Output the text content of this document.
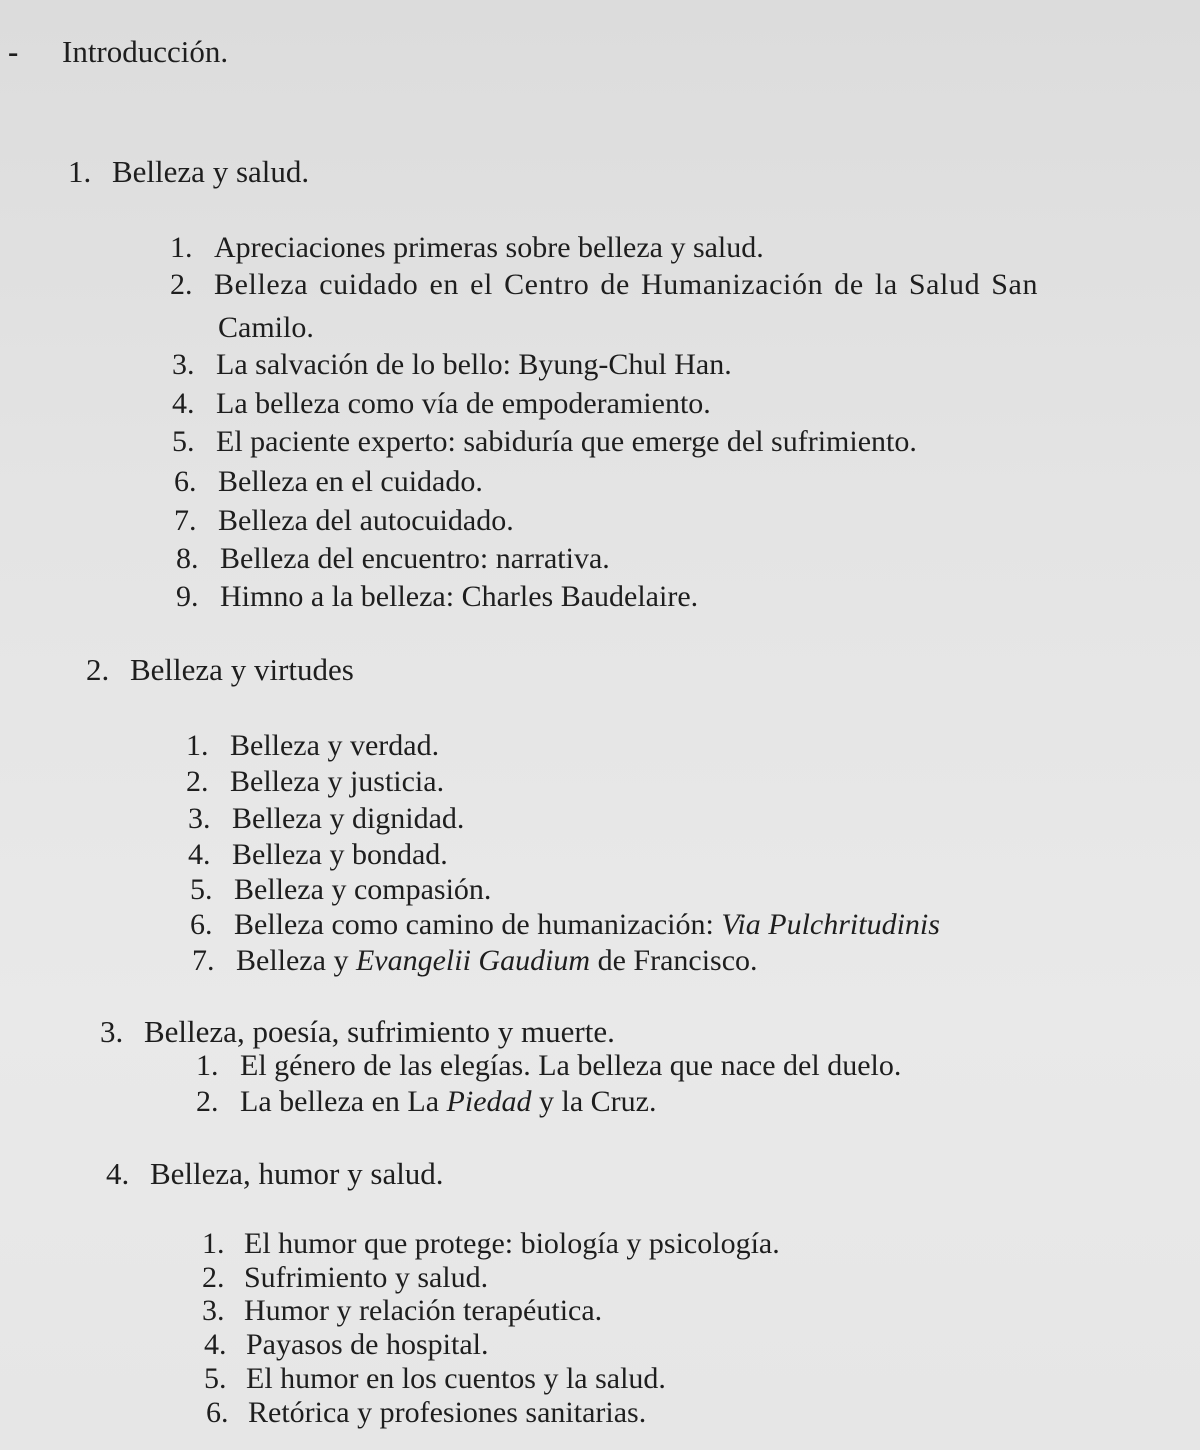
- Introducción.
1. Belleza y salud.
1. Apreciaciones primeras sobre belleza y salud.
2. Belleza cuidado en el Centro de Humanización de la Salud San
Camilo.
3. La salvación de lo bello: Byung-Chul Han.
4. La belleza como vía de empoderamiento.
5. El paciente experto: sabiduría que emerge del sufrimiento.
6. Belleza en el cuidado.
7. Belleza del autocuidado.
8. Belleza del encuentro: narrativa.
9. Himno a la belleza: Charles Baudelaire.
2. Belleza y virtudes
1. Belleza y verdad.
2. Belleza y justicia.
3. Belleza y dignidad.
4. Belleza y bondad.
5. Belleza y compasión.
6. Belleza como camino de humanización: Via Pulchritudinis
7. Belleza y Evangelii Gaudium de Francisco.
3. Belleza, poesía, sufrimiento y muerte.
1. El género de las elegías. La belleza que nace del duelo.
2. La belleza en La Piedad y la Cruz.
4. Belleza, humor y salud.
1. El humor que protege: biología y psicología.
2. Sufrimiento y salud.
3. Humor y relación terapéutica.
4. Payasos de hospital.
5. El humor en los cuentos y la salud.
6. Retórica y profesiones sanitarias.
